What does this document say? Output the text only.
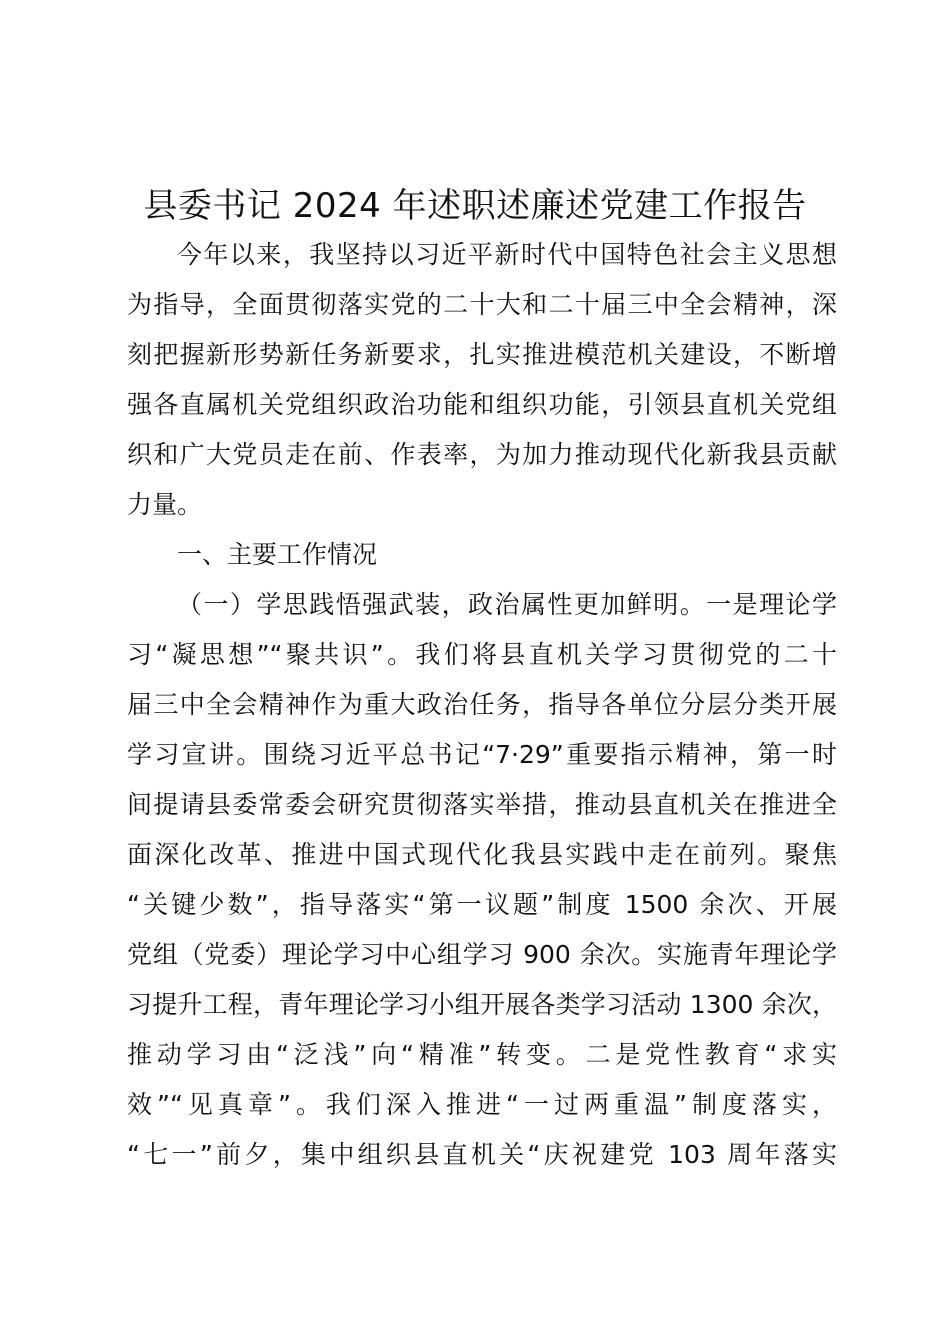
县委书记 2024 年述职述廉述党建工作报告
今年以来，我坚持以习近平新时代中国特色社会主义思想
为指导，全面贯彻落实党的二十大和二十届三中全会精神，深
刻把握新形势新任务新要求，扎实推进模范机关建设，不断增
强各直属机关党组织政治功能和组织功能，引领县直机关党组
织和广大党员走在前、作表率，为加力推动现代化新我县贡献
力量。
一、主要工作情况
（一）学思践悟强武装，政治属性更加鲜明。一是理论学
习“凝思想”“聚共识”。我们将县直机关学习贯彻党的二十
届三中全会精神作为重大政治任务，指导各单位分层分类开展
学习宣讲。围绕习近平总书记“7·29”重要指示精神，第一时
间提请县委常委会研究贯彻落实举措，推动县直机关在推进全
面深化改革、推进中国式现代化我县实践中走在前列。聚焦
“关键少数”，指导落实“第一议题”制度 1500 余次、开展
党组（党委）理论学习中心组学习 900 余次。实施青年理论学
习提升工程，青年理论学习小组开展各类学习活动 1300 余次，
推动学习由“泛浅”向“精准”转变。二是党性教育“求实
效”“见真章”。我们深入推进“一过两重温”制度落实，
“七一”前夕，集中组织县直机关“庆祝建党 103 周年落实
